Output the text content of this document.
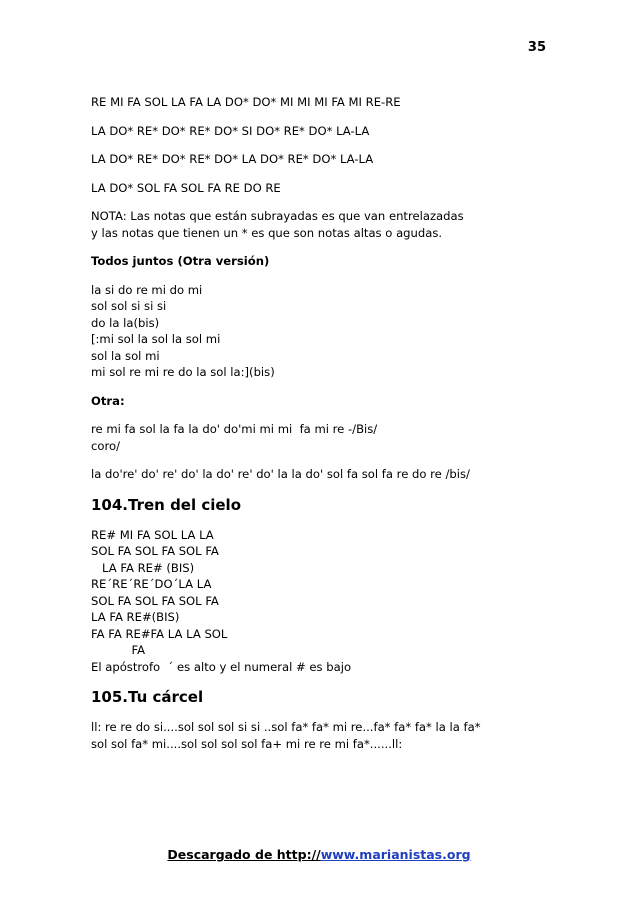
35
RE MI FA SOL LA FA LA DO* DO* MI MI MI FA MI RE-RE
LA DO* RE* DO* RE* DO* SI DO* RE* DO* LA-LA
LA DO* RE* DO* RE* DO* LA DO* RE* DO* LA-LA
LA DO* SOL FA SOL FA RE DO RE
NOTA: Las notas que están subrayadas es que van entrelazadas
y las notas que tienen un * es que son notas altas o agudas.
Todos juntos (Otra versión)
la si do re mi do mi
sol sol si si si
do la la(bis)
[:mi sol la sol la sol mi
sol la sol mi
mi sol re mi re do la sol la:](bis)
Otra:
re mi fa sol la fa la do' do'mi mi mi  fa mi re -/Bis/
coro/
la do're' do' re' do' la do' re' do' la la do' sol fa sol fa re do re /bis/
104.Tren del cielo
RE# MI FA SOL LA LA
SOL FA SOL FA SOL FA
LA FA RE# (BIS)
RE´RE´RE´DO´LA LA
SOL FA SOL FA SOL FA
LA FA RE#(BIS)
FA FA RE#FA LA LA SOL
FA
El apóstrofo  ´ es alto y el numeral # es bajo
105.Tu cárcel
ll: re re do si....sol sol sol si si ..sol fa* fa* mi re...fa* fa* fa* la la fa*
sol sol fa* mi....sol sol sol sol fa+ mi re re mi fa*......ll:
Descargado de http://www.marianistas.org
